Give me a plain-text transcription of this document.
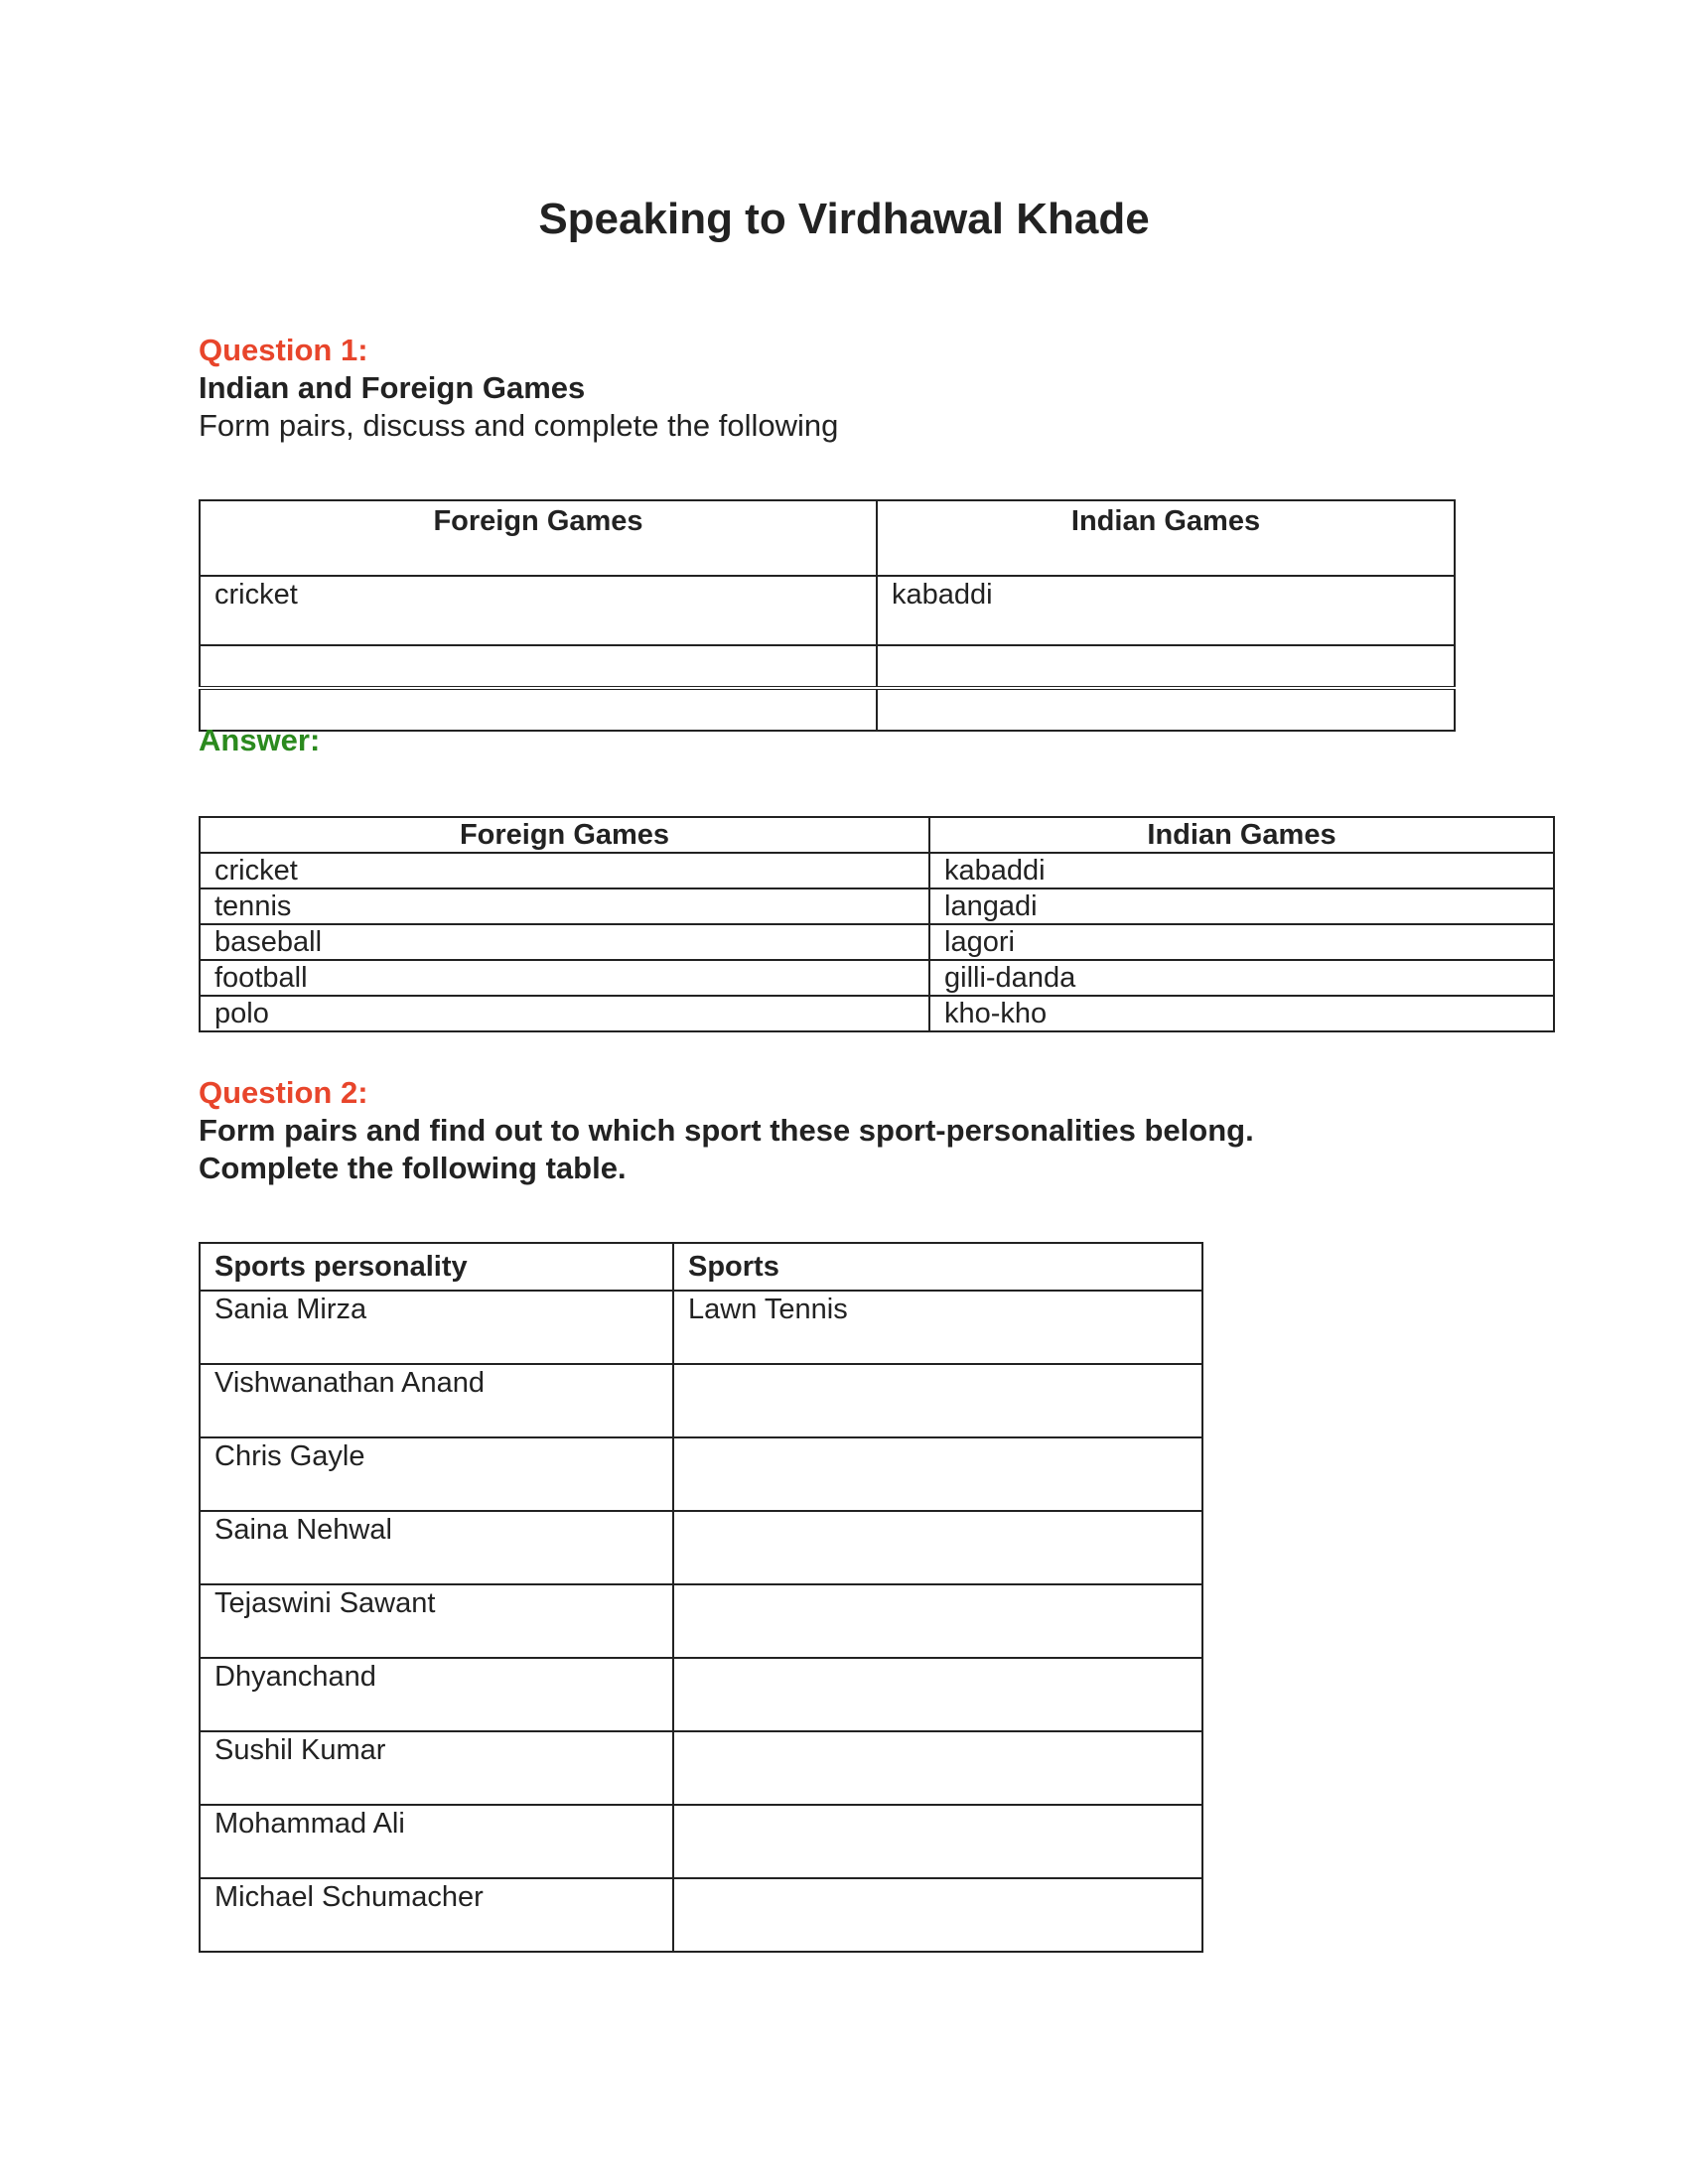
Speaking to Virdhawal Khade

Question 1:

Indian and Foreign Games

Form pairs, discuss and complete the following

Foreign Games	Indian Games
cricket	kabaddi

Answer:

Foreign Games	Indian Games
cricket	kabaddi
tennis	langadi
baseball	lagori
football	gilli-danda
polo	kho-kho

Question 2:

Form pairs and find out to which sport these sport-personalities belong.

Complete the following table.

Sports personality	Sports
Sania Mirza	Lawn Tennis
Vishwanathan Anand	
Chris Gayle	
Saina Nehwal	
Tejaswini Sawant	
Dhyanchand	
Sushil Kumar	
Mohammad Ali	
Michael Schumacher	
